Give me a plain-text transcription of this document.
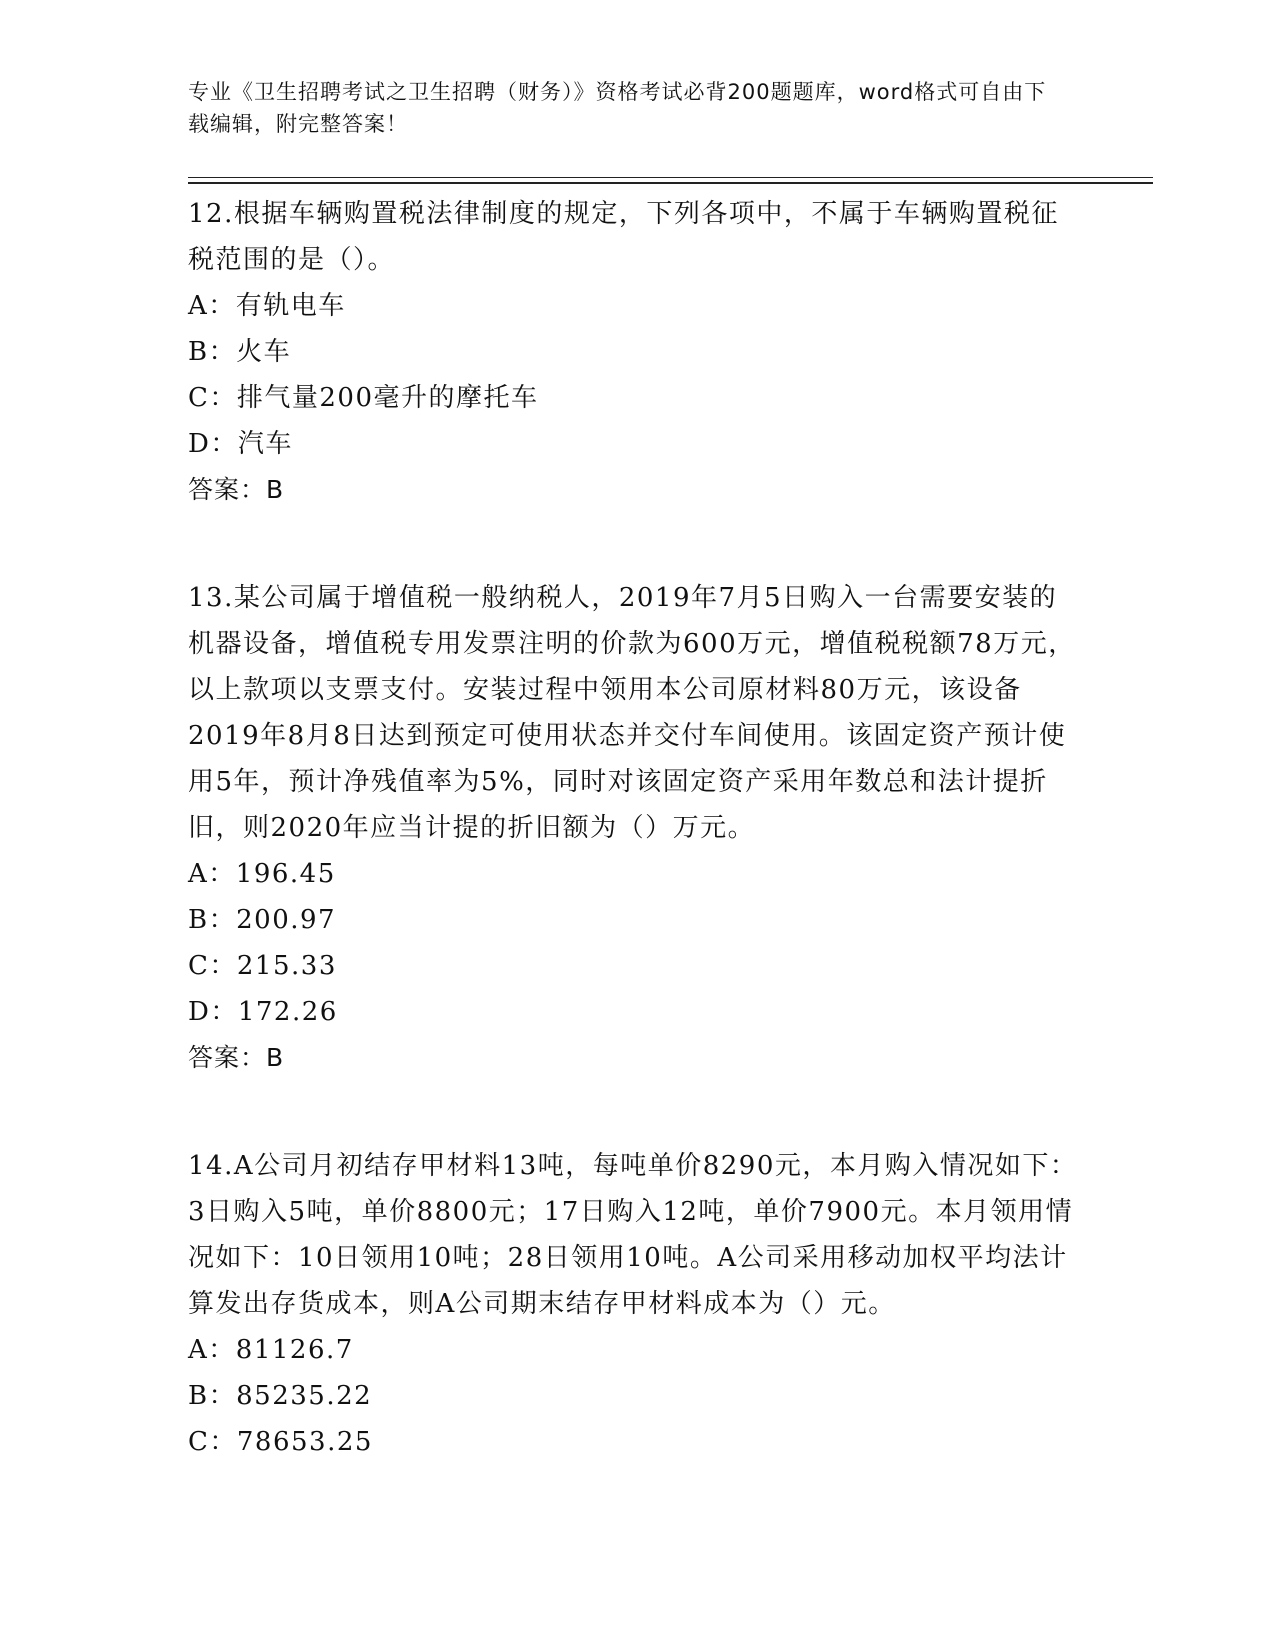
专业《卫生招聘考试之卫生招聘（财务）》资格考试必背200题题库，word格式可自由下载编辑，附完整答案！

12.根据车辆购置税法律制度的规定，下列各项中，不属于车辆购置税征税范围的是（）。

A：有轨电车

B：火车

C：排气量200毫升的摩托车

D：汽车

答案：B

13.某公司属于增值税一般纳税人，2019年7月5日购入一台需要安装的机器设备，增值税专用发票注明的价款为600万元，增值税税额78万元，以上款项以支票支付。安装过程中领用本公司原材料80万元，该设备2019年8月8日达到预定可使用状态并交付车间使用。该固定资产预计使用5年，预计净残值率为5%，同时对该固定资产采用年数总和法计提折旧，则2020年应当计提的折旧额为（）万元。

A：196.45

B：200.97

C：215.33

D：172.26

答案：B

14.A公司月初结存甲材料13吨，每吨单价8290元，本月购入情况如下：3日购入5吨，单价8800元；17日购入12吨，单价7900元。本月领用情况如下：10日领用10吨；28日领用10吨。A公司采用移动加权平均法计算发出存货成本，则A公司期末结存甲材料成本为（）元。

A：81126.7

B：85235.22

C：78653.25
